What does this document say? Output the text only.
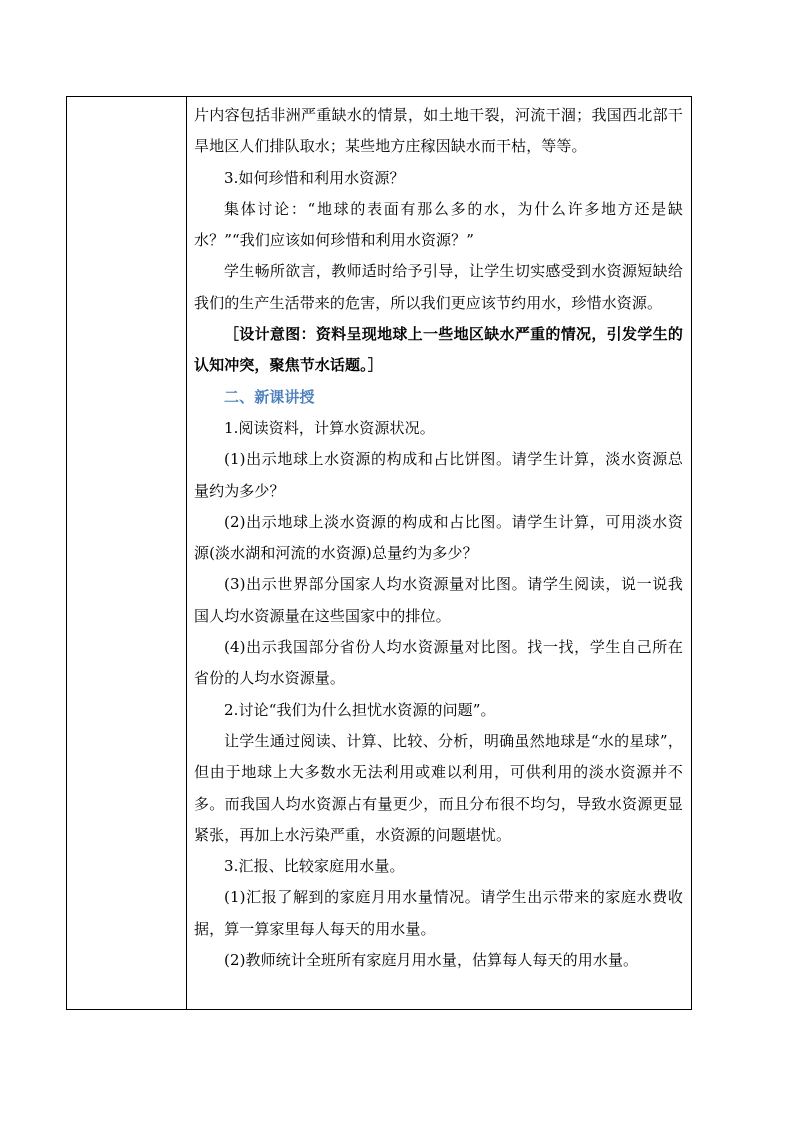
片内容包括非洲严重缺水的情景，如土地干裂，河流干涸；我国西北部干旱地区人们排队取水；某些地方庄稼因缺水而干枯，等等。

3.如何珍惜和利用水资源？

集体讨论：“地球的表面有那么多的水，为什么许多地方还是缺水？”“我们应该如何珍惜和利用水资源？”

学生畅所欲言，教师适时给予引导，让学生切实感受到水资源短缺给我们的生产生活带来的危害，所以我们更应该节约用水，珍惜水资源。

［设计意图：资料呈现地球上一些地区缺水严重的情况，引发学生的认知冲突，聚焦节水话题。］

二、新课讲授

1.阅读资料，计算水资源状况。

(1)出示地球上水资源的构成和占比饼图。请学生计算，淡水资源总量约为多少？

(2)出示地球上淡水资源的构成和占比图。请学生计算，可用淡水资源(淡水湖和河流的水资源)总量约为多少？

(3)出示世界部分国家人均水资源量对比图。请学生阅读，说一说我国人均水资源量在这些国家中的排位。

(4)出示我国部分省份人均水资源量对比图。找一找，学生自己所在省份的人均水资源量。

2.讨论“我们为什么担忧水资源的问题”。

让学生通过阅读、计算、比较、分析，明确虽然地球是“水的星球”，但由于地球上大多数水无法利用或难以利用，可供利用的淡水资源并不多。而我国人均水资源占有量更少，而且分布很不均匀，导致水资源更显紧张，再加上水污染严重，水资源的问题堪忧。

3.汇报、比较家庭用水量。

(1)汇报了解到的家庭月用水量情况。请学生出示带来的家庭水费收据，算一算家里每人每天的用水量。

(2)教师统计全班所有家庭月用水量，估算每人每天的用水量。
